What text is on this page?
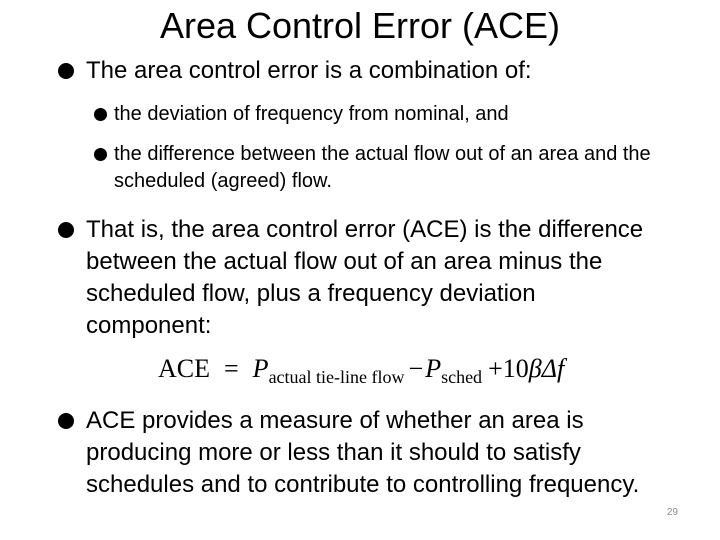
Area Control Error (ACE)
The area control error is a combination of:
the deviation of frequency from nominal, and
the difference between the actual flow out of an area and the scheduled (agreed) flow.
That is, the area control error (ACE) is the difference between the actual flow out of an area minus the scheduled flow, plus a frequency deviation component:
ACE = $P_{actual tie-line flow} -P_{sched} +10\beta\Delta f$
ACE provides a measure of whether an area is producing more or less than it should to satisfy schedules and to contribute to controlling frequency.
29
